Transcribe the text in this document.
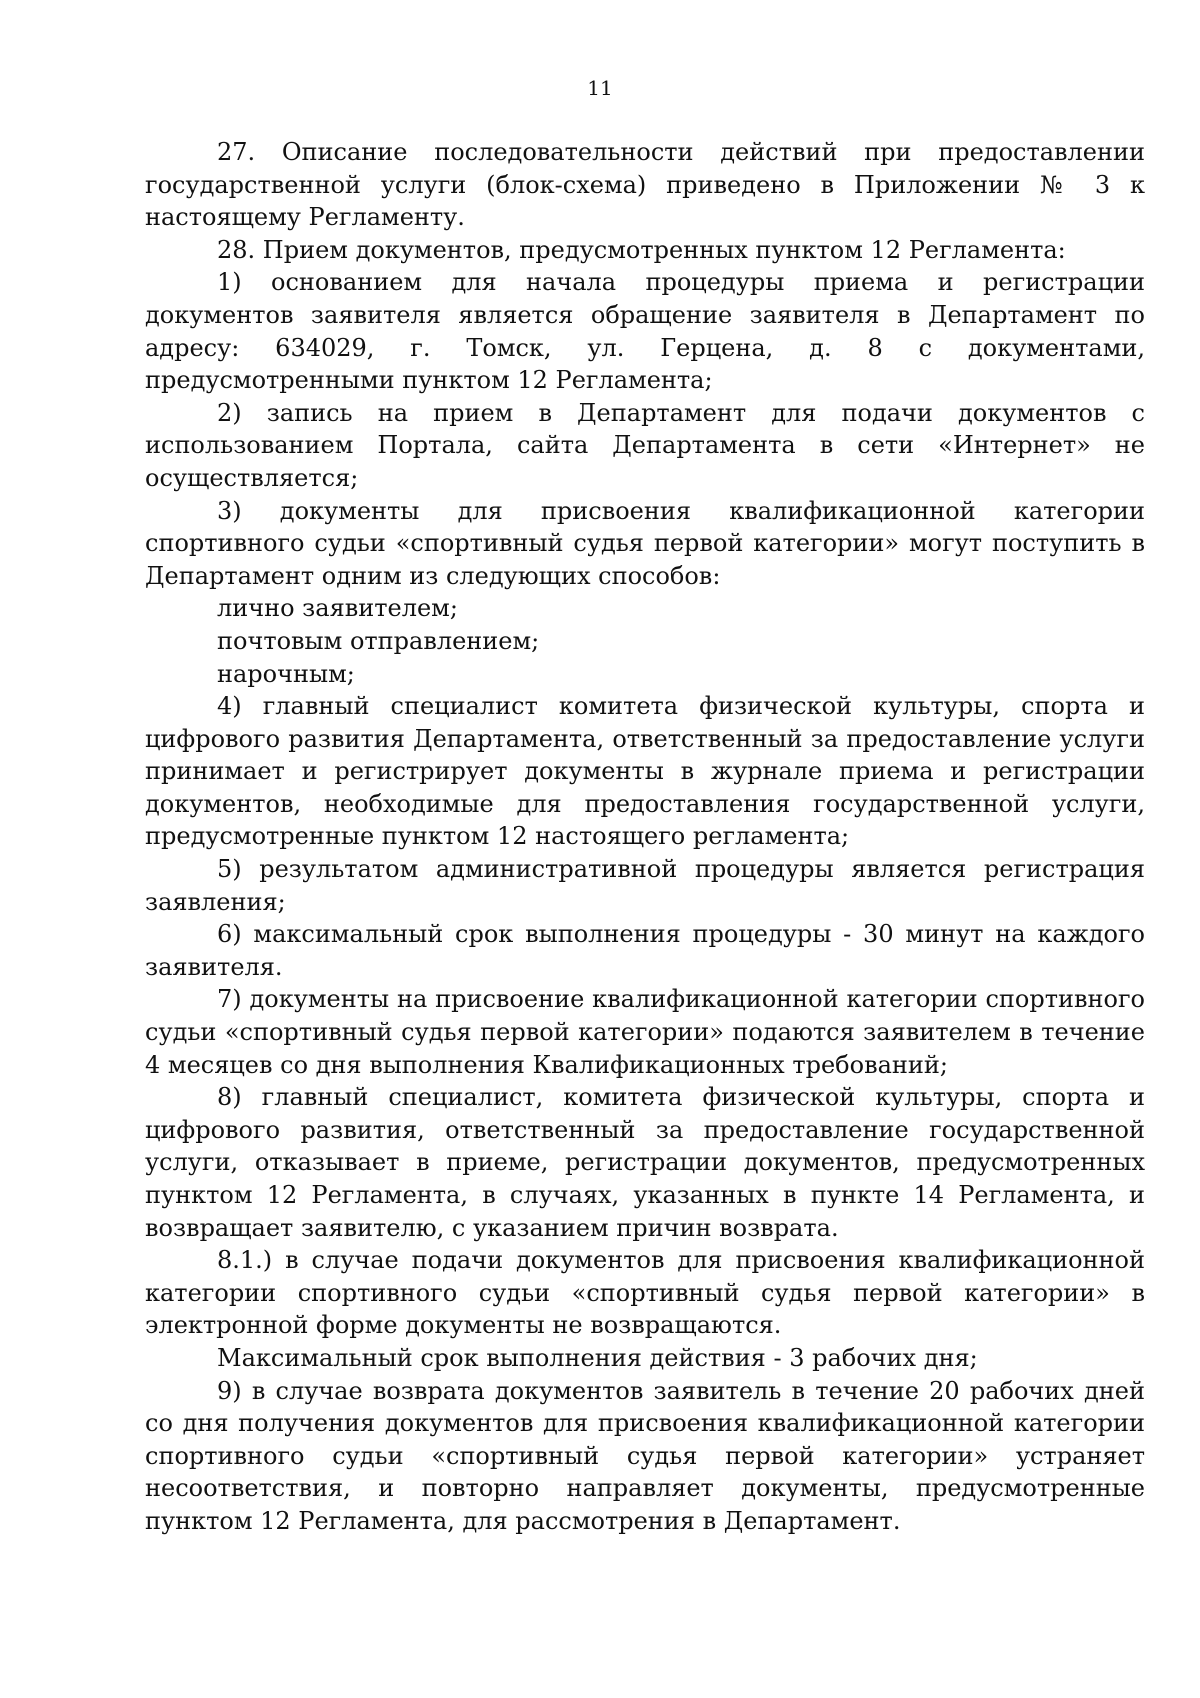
11

27. Описание последовательности действий при предоставлении государственной услуги (блок-схема) приведено в Приложении № 3 к настоящему Регламенту.

28. Прием документов, предусмотренных пунктом 12 Регламента:

1) основанием для начала процедуры приема и регистрации документов заявителя является обращение заявителя в Департамент по адресу: 634029, г. Томск, ул. Герцена, д. 8 с документами, предусмотренными пунктом 12 Регламента;

2) запись на прием в Департамент для подачи документов с использованием Портала, сайта Департамента в сети «Интернет» не осуществляется;

3) документы для присвоения квалификационной категории спортивного судьи «спортивный судья первой категории» могут поступить в Департамент одним из следующих способов:

лично заявителем;

почтовым отправлением;

нарочным;

4) главный специалист комитета физической культуры, спорта и цифрового развития Департамента, ответственный за предоставление услуги принимает и регистрирует документы в журнале приема и регистрации документов, необходимые для предоставления государственной услуги, предусмотренные пунктом 12 настоящего регламента;

5) результатом административной процедуры является регистрация заявления;

6) максимальный срок выполнения процедуры - 30 минут на каждого заявителя.

7) документы на присвоение квалификационной категории спортивного судьи «спортивный судья первой категории» подаются заявителем в течение 4 месяцев со дня выполнения Квалификационных требований;

8) главный специалист, комитета физической культуры, спорта и цифрового развития, ответственный за предоставление государственной услуги, отказывает в приеме, регистрации документов, предусмотренных пунктом 12 Регламента, в случаях, указанных в пункте 14 Регламента, и возвращает заявителю, с указанием причин возврата.

8.1.) в случае подачи документов для присвоения квалификационной категории спортивного судьи «спортивный судья первой категории» в электронной форме документы не возвращаются.

Максимальный срок выполнения действия - 3 рабочих дня;

9) в случае возврата документов заявитель в течение 20 рабочих дней со дня получения документов для присвоения квалификационной категории спортивного судьи «спортивный судья первой категории» устраняет несоответствия, и повторно направляет документы, предусмотренные пунктом 12 Регламента, для рассмотрения в Департамент.
